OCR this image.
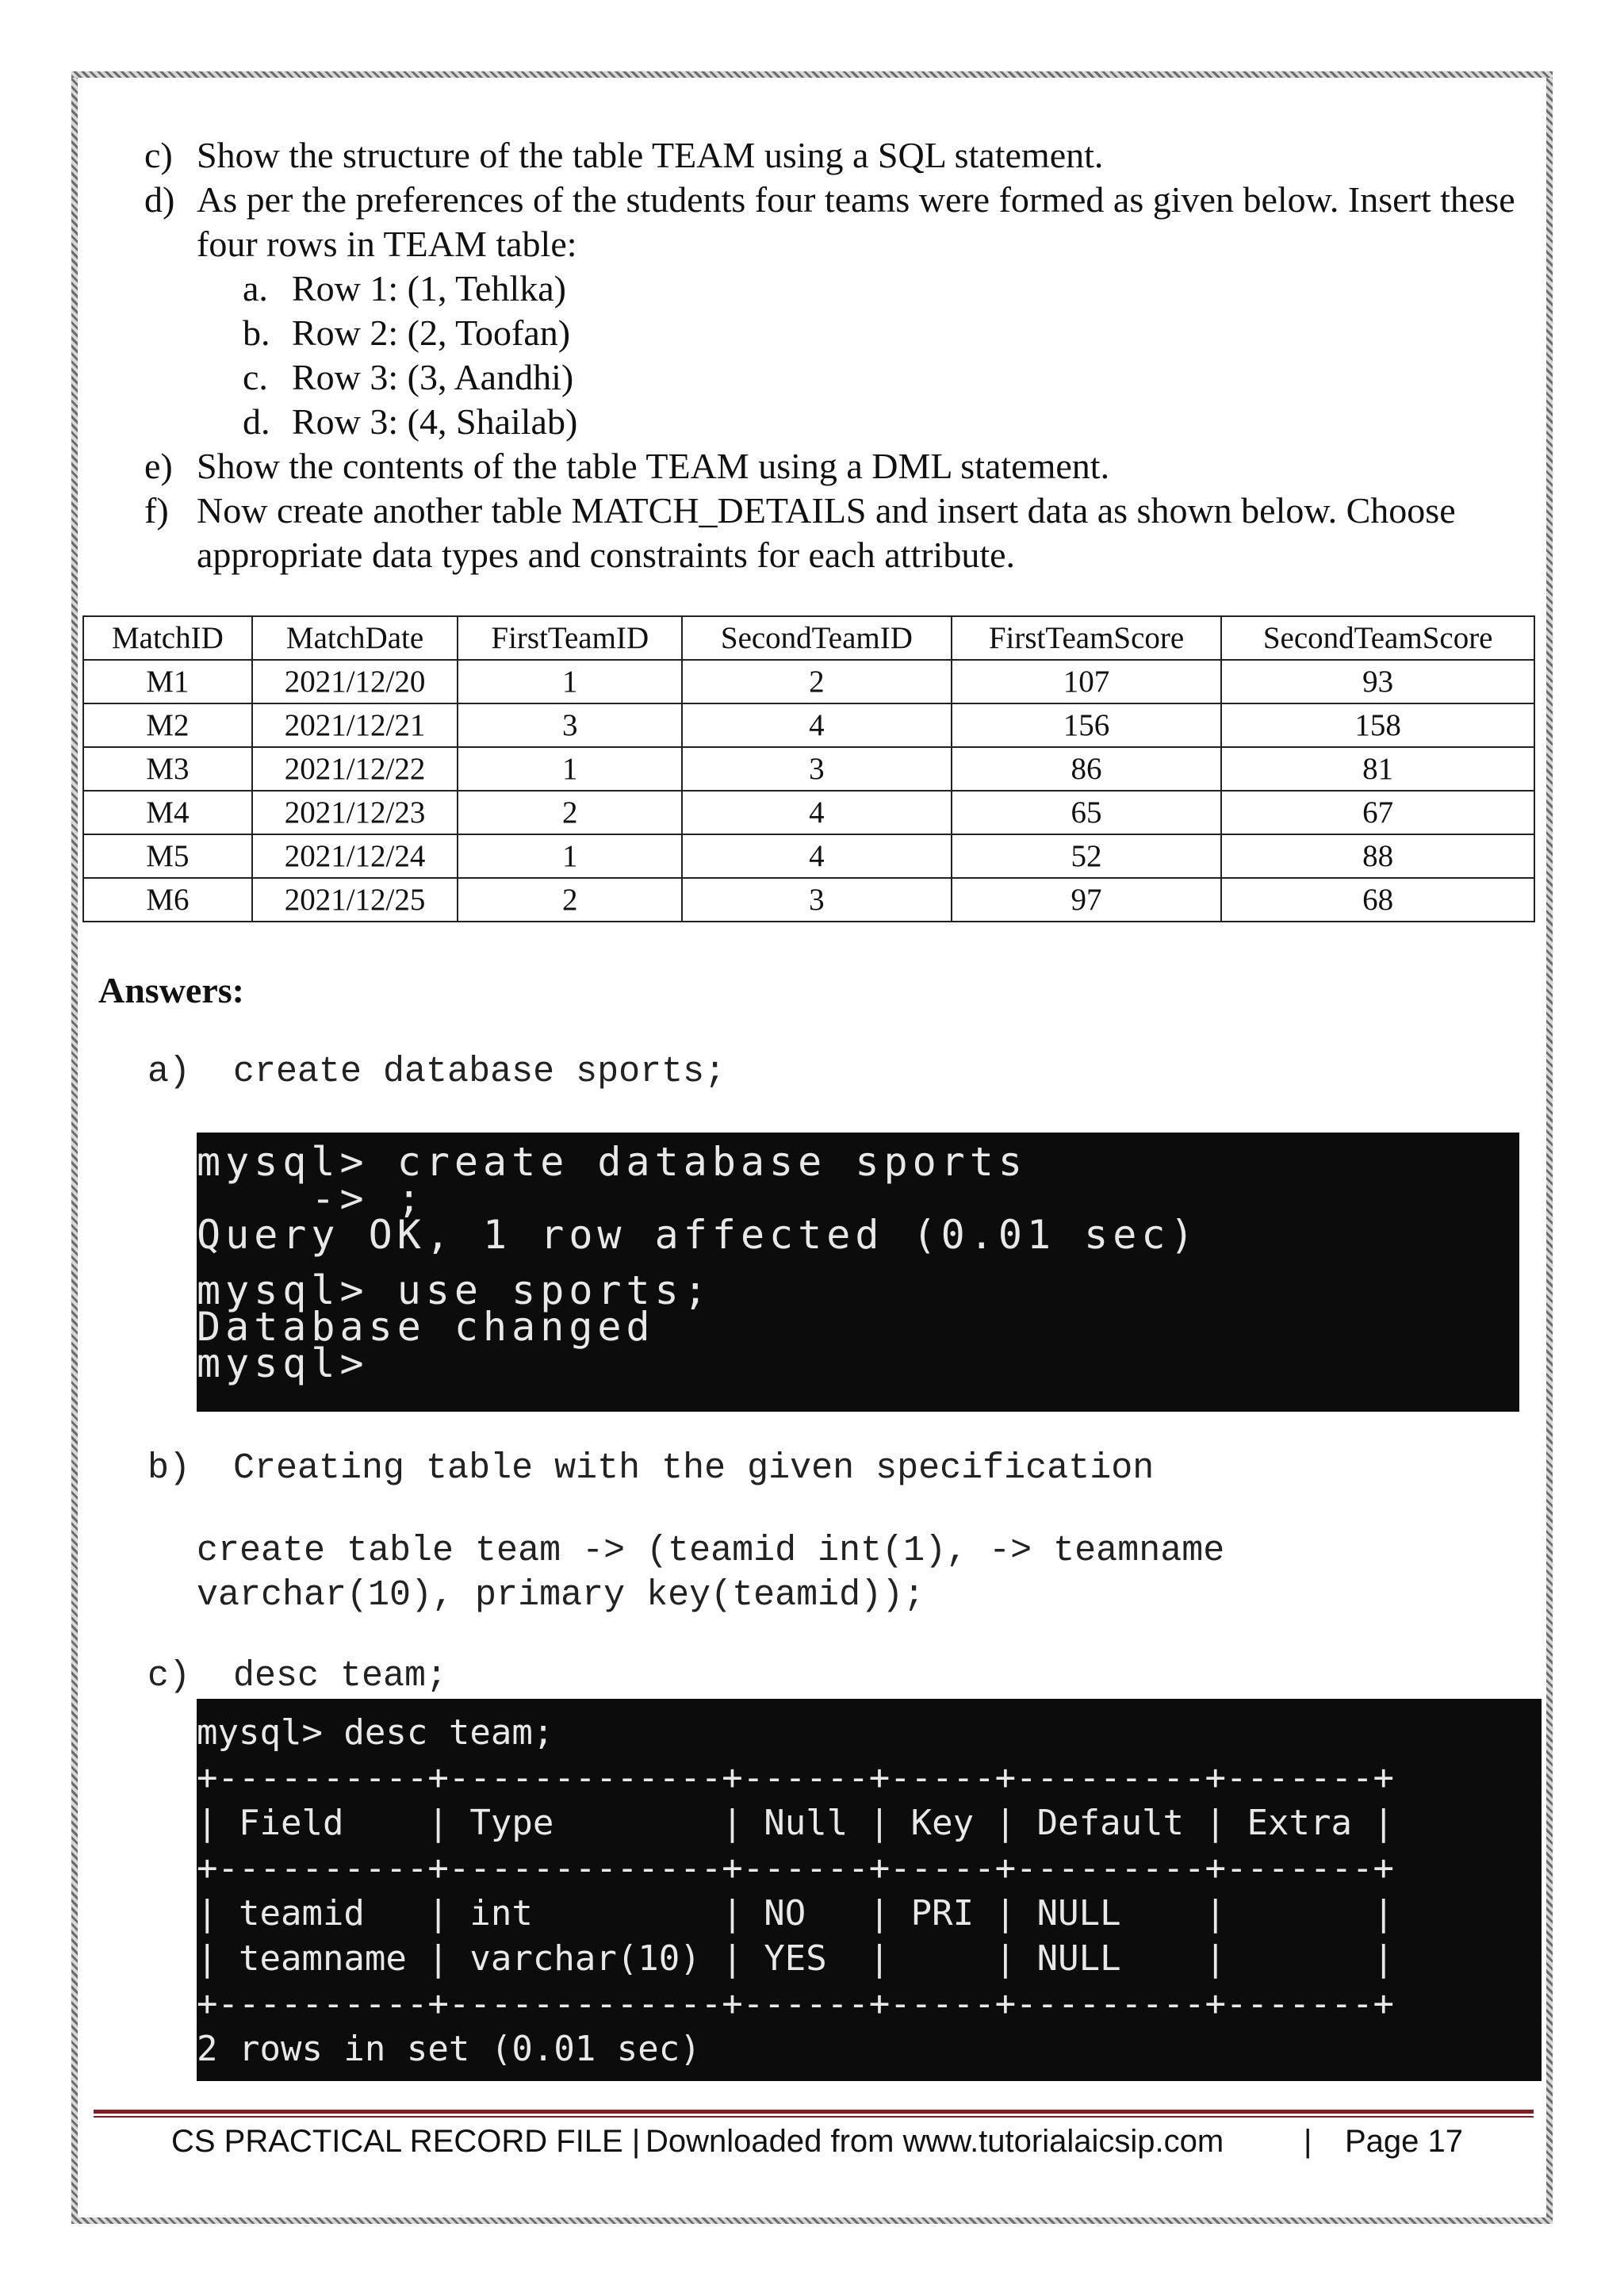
c) Show the structure of the table TEAM using a SQL statement.
d) As per the preferences of the students four teams were formed as given below. Insert these four rows in TEAM table:
a. Row 1: (1, Tehlka)
b. Row 2: (2, Toofan)
c. Row 3: (3, Aandhi)
d. Row 3: (4, Shailab)
e) Show the contents of the table TEAM using a DML statement.
f) Now create another table MATCH_DETAILS and insert data as shown below. Choose appropriate data types and constraints for each attribute.
MatchID	MatchDate	FirstTeamID	SecondTeamID	FirstTeamScore	SecondTeamScore
M1	2021/12/20	1	2	107	93
M2	2021/12/21	3	4	156	158
M3	2021/12/22	1	3	86	81
M4	2021/12/23	2	4	65	67
M5	2021/12/24	1	4	52	88
M6	2021/12/25	2	3	97	68
Answers:
a)  create database sports;
mysql> create database sports
-> ;
Query OK, 1 row affected (0.01 sec)
mysql> use sports;
Database changed
mysql>
b)  Creating table with the given specification
create table team -> (teamid int(1), -> teamname
varchar(10), primary key(teamid));
c)  desc team;
mysql> desc team;
+----------+-------------+------+-----+---------+-------+
| Field    | Type        | Null | Key | Default | Extra |
+----------+-------------+------+-----+---------+-------+
| teamid   | int         | NO   | PRI | NULL    |       |
| teamname | varchar(10) | YES  |     | NULL    |       |
+----------+-------------+------+-----+---------+-------+
2 rows in set (0.01 sec)
CS PRACTICAL RECORD FILE | Downloaded from www.tutorialaicsip.com	| Page 17
